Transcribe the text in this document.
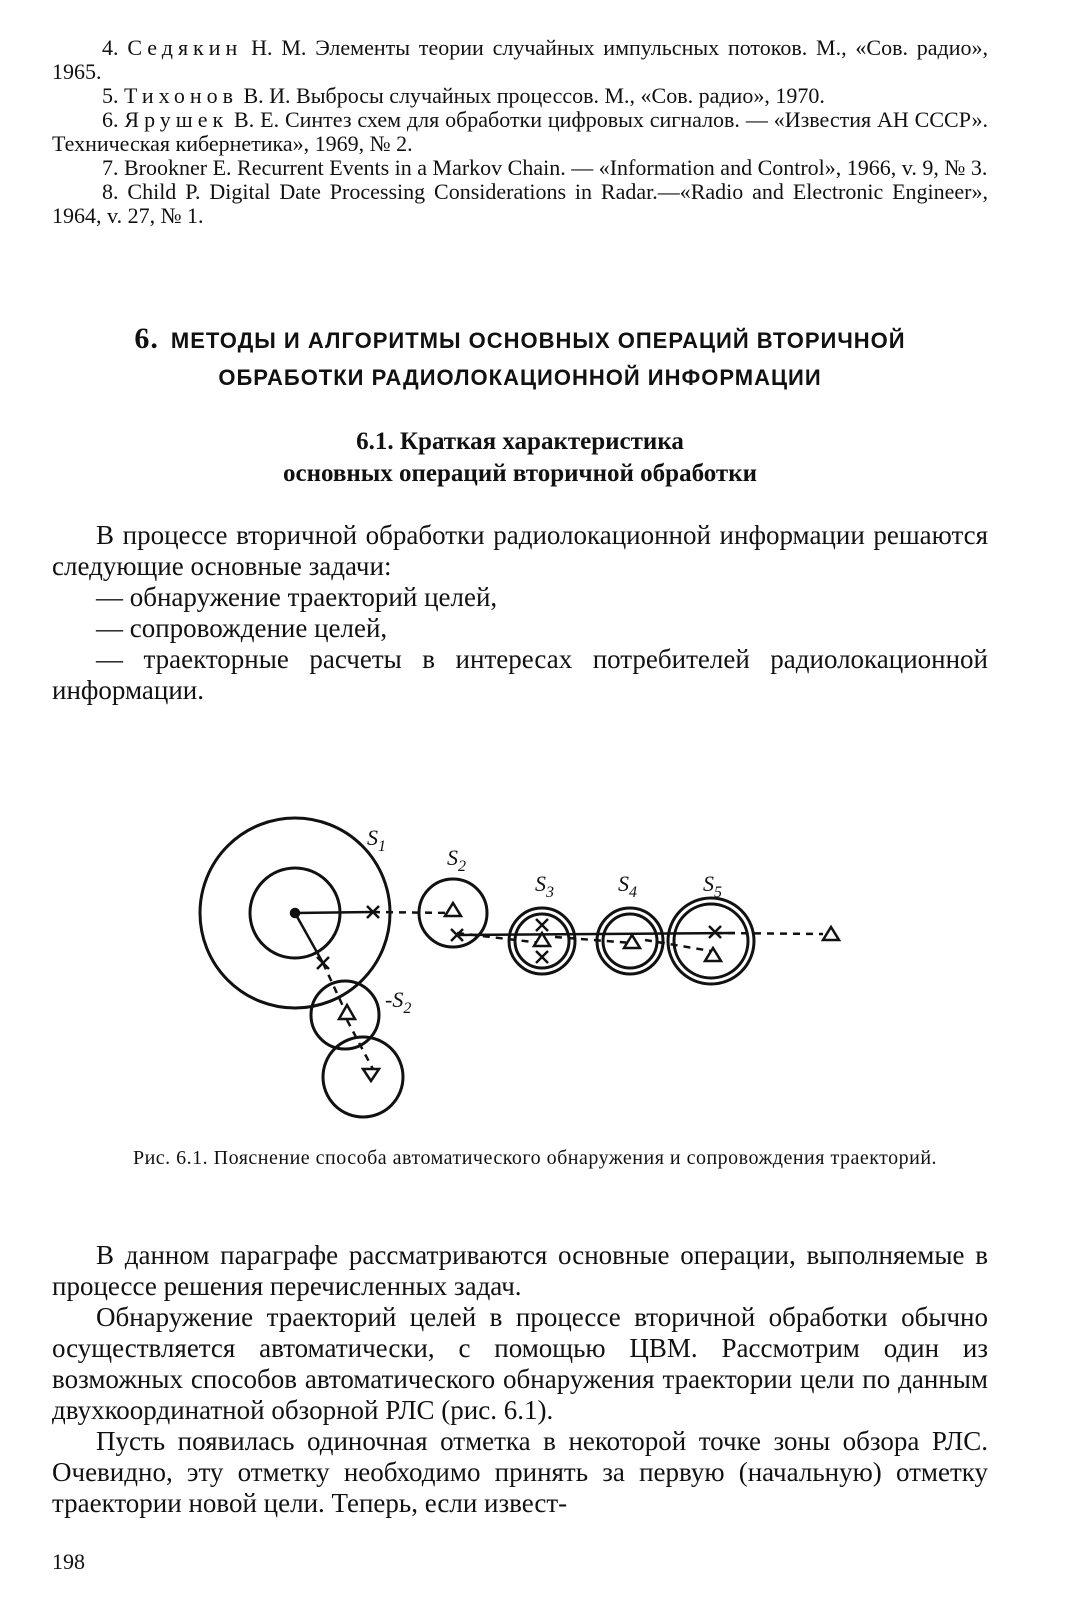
4. Седякин Н. М. Элементы теории случайных импульсных потоков. М., «Сов. радио», 1965.

5. Тихонов В. И. Выбросы случайных процессов. М., «Сов. радио», 1970.

6. Ярушек В. Е. Синтез схем для обработки цифровых сигналов. — «Известия АН СССР». Техническая кибернетика», 1969, № 2.

7. Brookner E. Recurrent Events in a Markov Chain. — «Information and Control», 1966, v. 9, № 3.

8. Child P. Digital Date Processing Considerations in Radar.—«Radio and Electronic Engineer», 1964, v. 27, № 1.

6. МЕТОДЫ И АЛГОРИТМЫ ОСНОВНЫХ ОПЕРАЦИЙ ВТОРИЧНОЙ
ОБРАБОТКИ РАДИОЛОКАЦИОННОЙ ИНФОРМАЦИИ
6.1. Краткая характеристика
основных операций вторичной обработки

В процессе вторичной обработки радиолокационной информации решаются следующие основные задачи:

— обнаружение траекторий целей,

— сопровождение целей,

— траекторные расчеты в интересах потребителей радиолокационной информации.

$S_1$	$S_2$
$-S_2$
$S_3$	$S_4$	$S_5$
Рис. 6.1. Пояснение способа автоматического обнаружения и сопровождения траекторий.

В данном параграфе рассматриваются основные операции, выполняемые в процессе решения перечисленных задач.

Обнаружение траекторий целей в процессе вторичной обработки обычно осуществляется автоматически, с помощью ЦВМ. Рассмотрим один из возможных способов автоматического обнаружения траектории цели по данным двухкоординатной обзорной РЛС (рис. 6.1).

Пусть появилась одиночная отметка в некоторой точке зоны обзора РЛС. Очевидно, эту отметку необходимо принять за первую (начальную) отметку траектории новой цели. Теперь, если извест-

198
